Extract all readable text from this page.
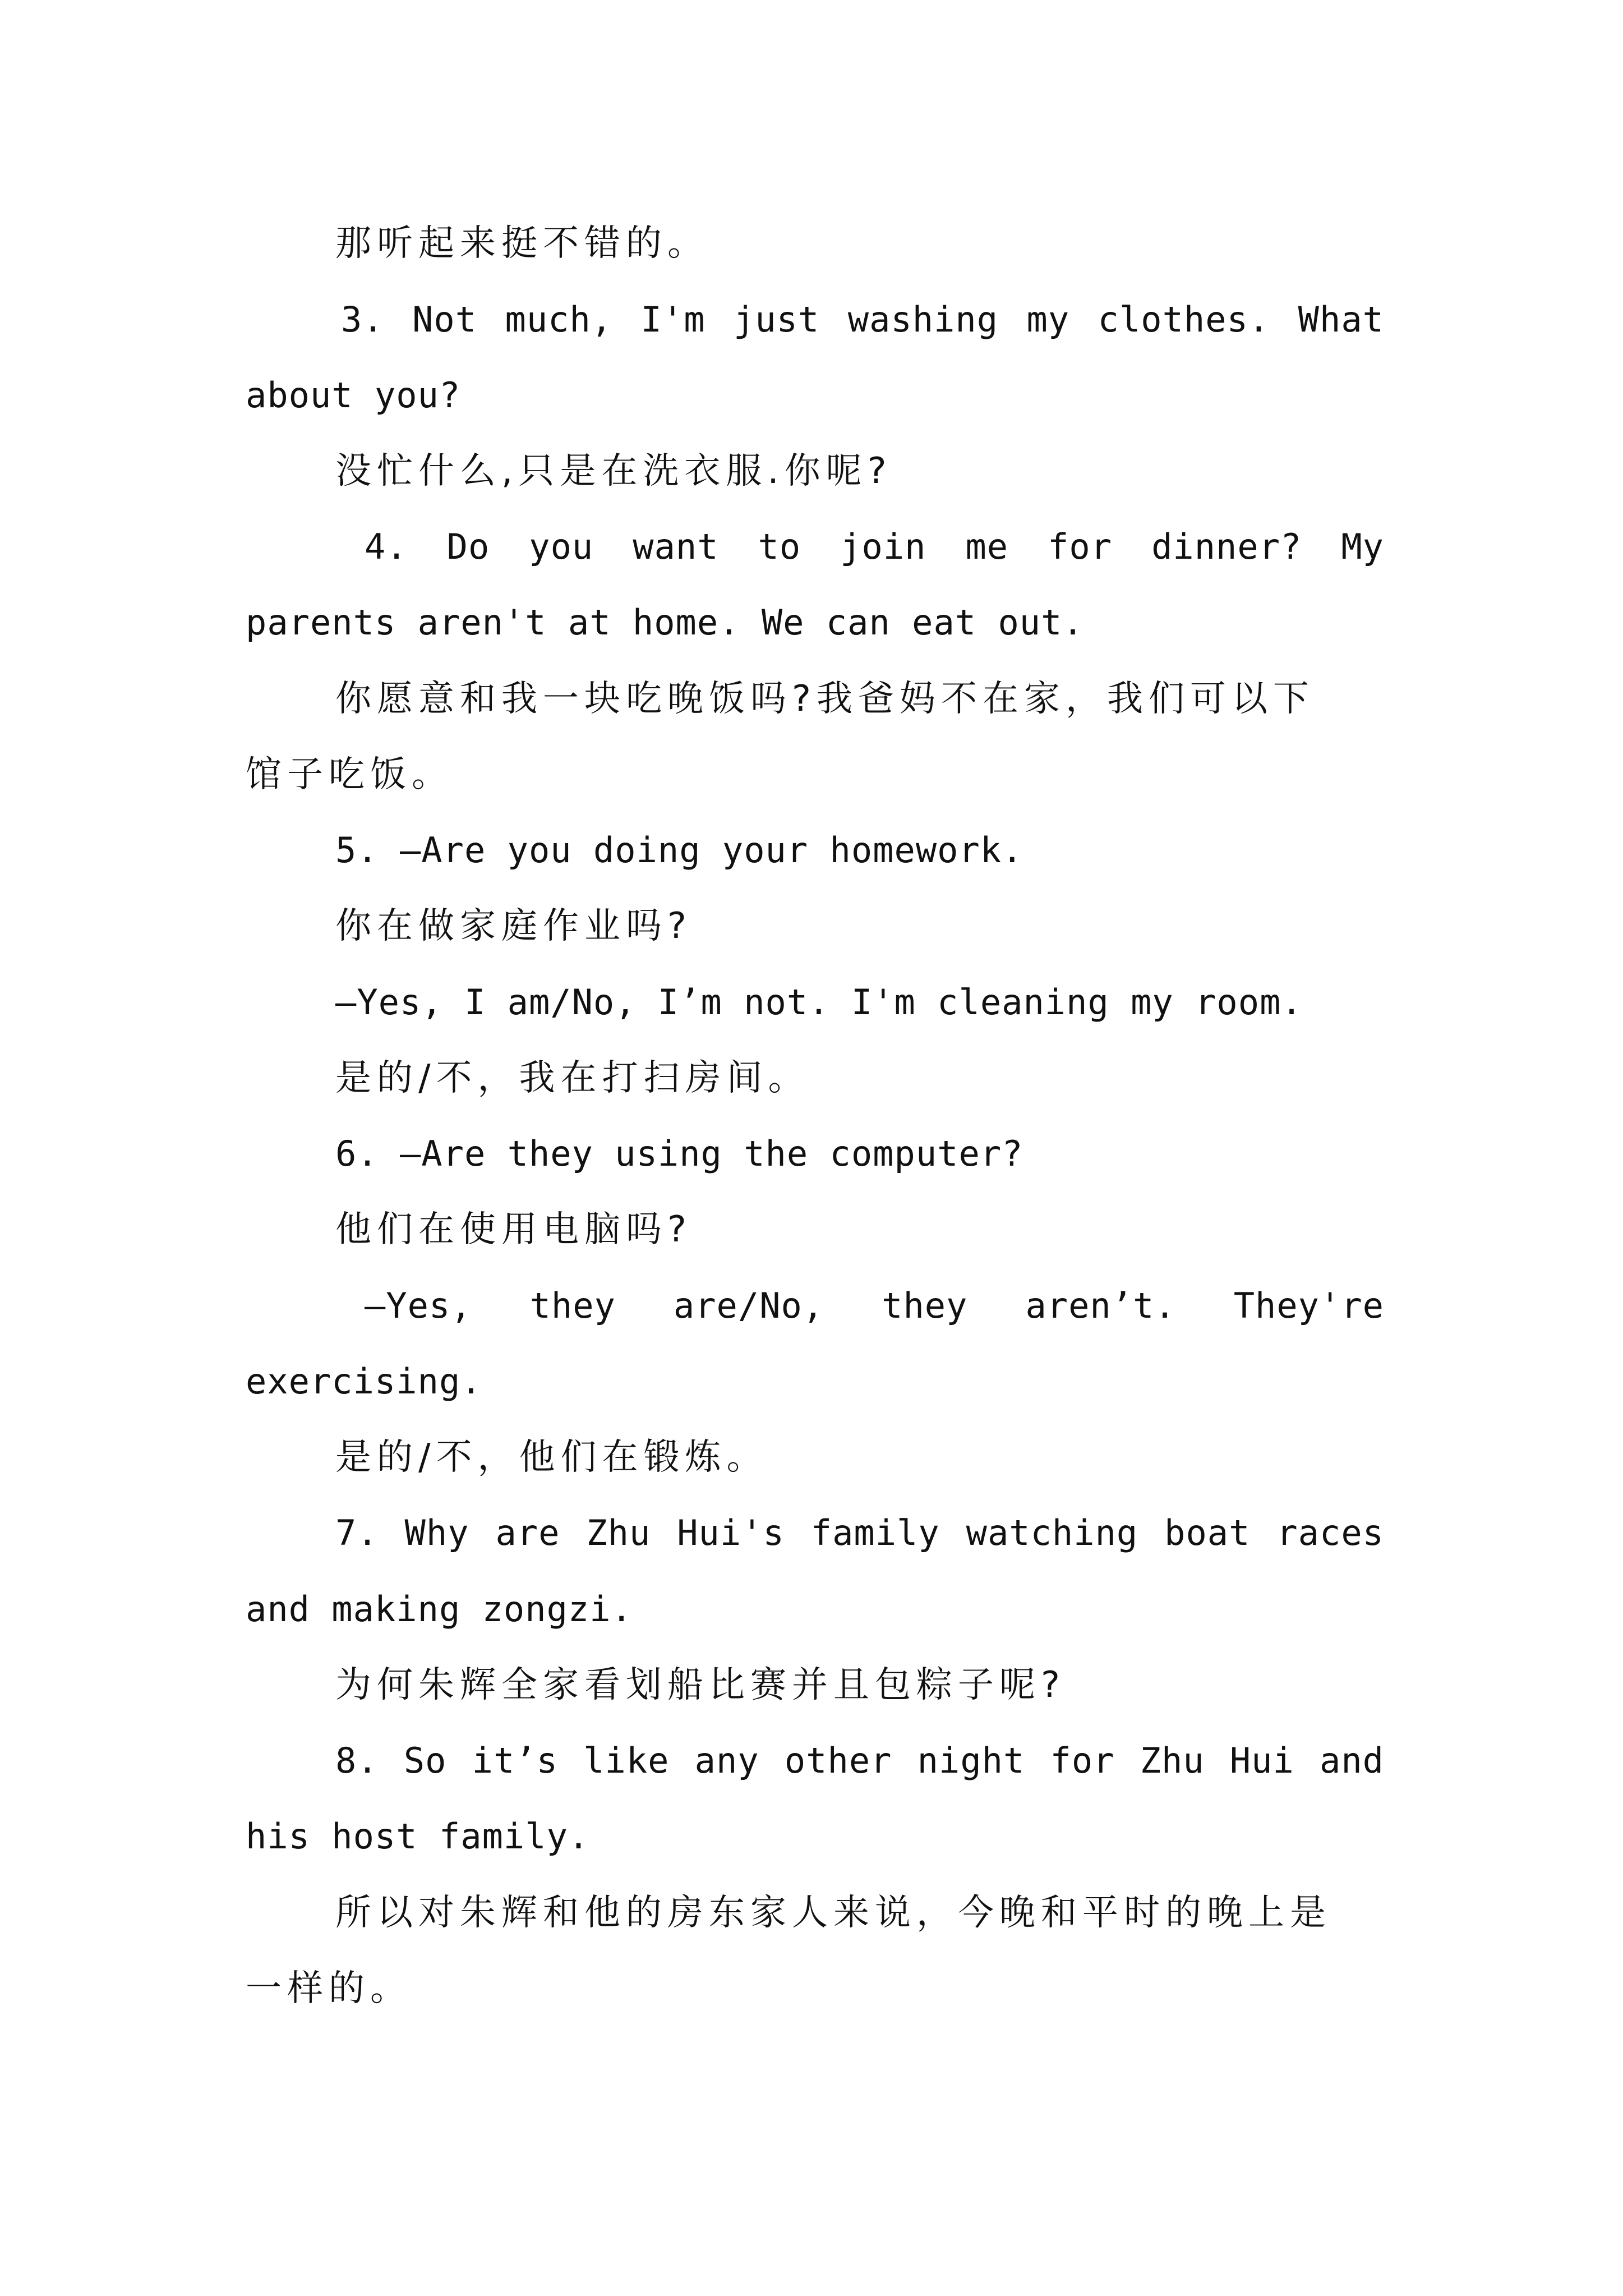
那听起来挺不错的。
3. Not much, I'm just washing my clothes. What
about you?
没忙什么,只是在洗衣服.你呢?
4. Do you want to join me for dinner? My
parents aren't at home. We can eat out.
你愿意和我一块吃晚饭吗?我爸妈不在家，我们可以下
馆子吃饭。
5. —Are you doing your homework.
你在做家庭作业吗?
—Yes, I am/No, I’m not. I'm cleaning my room.
是的/不，我在打扫房间。
6. —Are they using the computer?
他们在使用电脑吗?
—Yes, they are/No, they aren’t. They're
exercising.
是的/不，他们在锻炼。
7. Why are Zhu Hui's family watching boat races
and making zongzi.
为何朱辉全家看划船比赛并且包粽子呢?
8. So it’s like any other night for Zhu Hui and
his host family.
所以对朱辉和他的房东家人来说，今晚和平时的晚上是
一样的。
